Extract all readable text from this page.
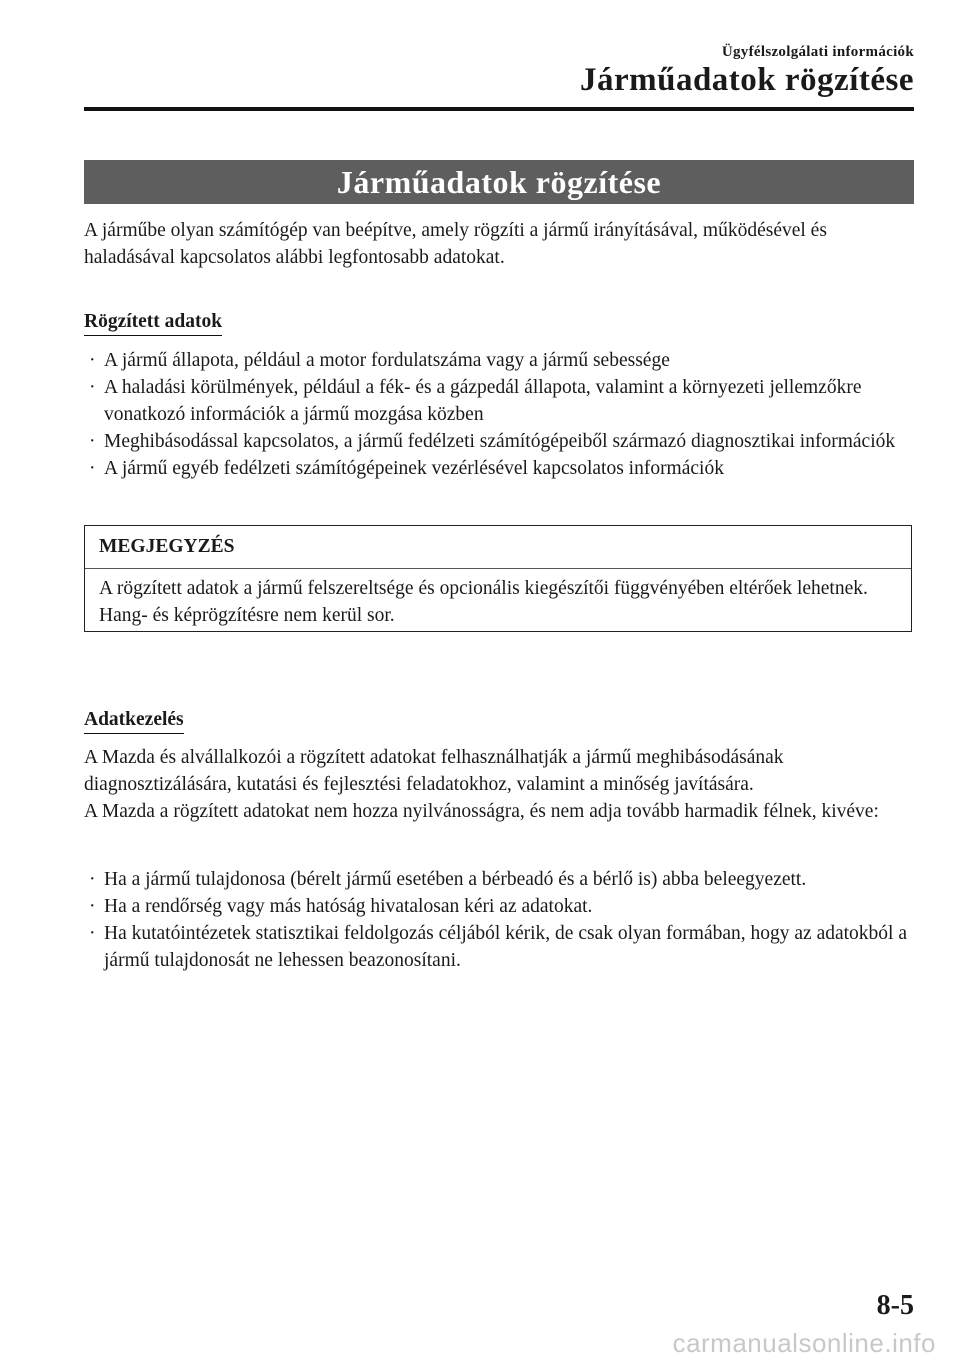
Ügyfélszolgálati információk
Járműadatok rögzítése
Járműadatok rögzítése

A járműbe olyan számítógép van beépítve, amely rögzíti a jármű irányításával, működésével és haladásával kapcsolatos alábbi legfontosabb adatokat.

Rögzített adatok
· A jármű állapota, például a motor fordulatszáma vagy a jármű sebessége
· A haladási körülmények, például a fék- és a gázpedál állapota, valamint a környezeti jellemzőkre vonatkozó információk a jármű mozgása közben
· Meghibásodással kapcsolatos, a jármű fedélzeti számítógépeiből származó diagnosztikai információk
· A jármű egyéb fedélzeti számítógépeinek vezérlésével kapcsolatos információk
MEGJEGYZÉS
A rögzített adatok a jármű felszereltsége és opcionális kiegészítői függvényében eltérőek lehetnek. Hang- és képrögzítésre nem kerül sor.
Adatkezelés

A Mazda és alvállalkozói a rögzített adatokat felhasználhatják a jármű meghibásodásának diagnosztizálására, kutatási és fejlesztési feladatokhoz, valamint a minőség javítására.

A Mazda a rögzített adatokat nem hozza nyilvánosságra, és nem adja tovább harmadik félnek, kivéve:

· Ha a jármű tulajdonosa (bérelt jármű esetében a bérbeadó és a bérlő is) abba beleegyezett.
· Ha a rendőrség vagy más hatóság hivatalosan kéri az adatokat.
· Ha kutatóintézetek statisztikai feldolgozás céljából kérik, de csak olyan formában, hogy az adatokból a jármű tulajdonosát ne lehessen beazonosítani.
8-5
carmanualsonline.info
